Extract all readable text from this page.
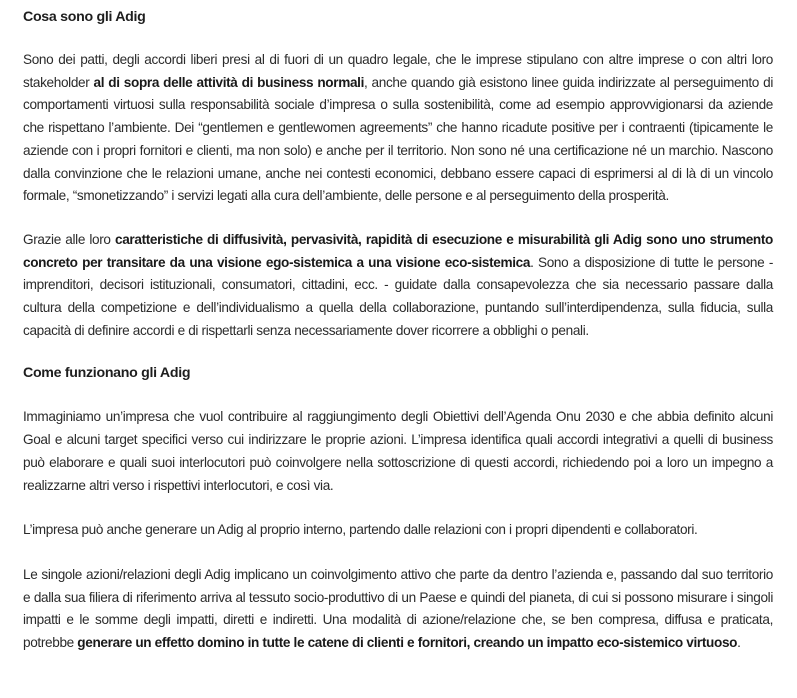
Cosa sono gli Adig

Sono dei patti, degli accordi liberi presi al di fuori di un quadro legale, che le imprese stipulano con altre imprese o con altri loro stakeholder al di sopra delle attività di business normali, anche quando già esistono linee guida indirizzate al perseguimento di comportamenti virtuosi sulla responsabilità sociale d’impresa o sulla sostenibilità, come ad esempio approvvigionarsi da aziende che rispettano l’ambiente. Dei “gentlemen e gentlewomen agreements” che hanno ricadute positive per i contraenti (tipicamente le aziende con i propri fornitori e clienti, ma non solo) e anche per il territorio. Non sono né una certificazione né un marchio. Nascono dalla convinzione che le relazioni umane, anche nei contesti economici, debbano essere capaci di esprimersi al di là di un vincolo formale, “smonetizzando” i servizi legati alla cura dell’ambiente, delle persone e al perseguimento della prosperità.

Grazie alle loro caratteristiche di diffusività, pervasività, rapidità di esecuzione e misurabilità gli Adig sono uno strumento concreto per transitare da una visione ego-sistemica a una visione eco-sistemica. Sono a disposizione di tutte le persone - imprenditori, decisori istituzionali, consumatori, cittadini, ecc. - guidate dalla consapevolezza che sia necessario passare dalla cultura della competizione e dell’individualismo a quella della collaborazione, puntando sull’interdipendenza, sulla fiducia, sulla capacità di definire accordi e di rispettarli senza necessariamente dover ricorrere a obblighi o penali.

Come funzionano gli Adig

Immaginiamo un’impresa che vuol contribuire al raggiungimento degli Obiettivi dell’Agenda Onu 2030 e che abbia definito alcuni Goal e alcuni target specifici verso cui indirizzare le proprie azioni. L’impresa identifica quali accordi integrativi a quelli di business può elaborare e quali suoi interlocutori può coinvolgere nella sottoscrizione di questi accordi, richiedendo poi a loro un impegno a realizzarne altri verso i rispettivi interlocutori, e così via.

L’impresa può anche generare un Adig al proprio interno, partendo dalle relazioni con i propri dipendenti e collaboratori.

Le singole azioni/relazioni degli Adig implicano un coinvolgimento attivo che parte da dentro l’azienda e, passando dal suo territorio e dalla sua filiera di riferimento arriva al tessuto socio-produttivo di un Paese e quindi del pianeta, di cui si possono misurare i singoli impatti e le somme degli impatti, diretti e indiretti. Una modalità di azione/relazione che, se ben compresa, diffusa e praticata, potrebbe generare un effetto domino in tutte le catene di clienti e fornitori, creando un impatto eco-sistemico virtuoso.
